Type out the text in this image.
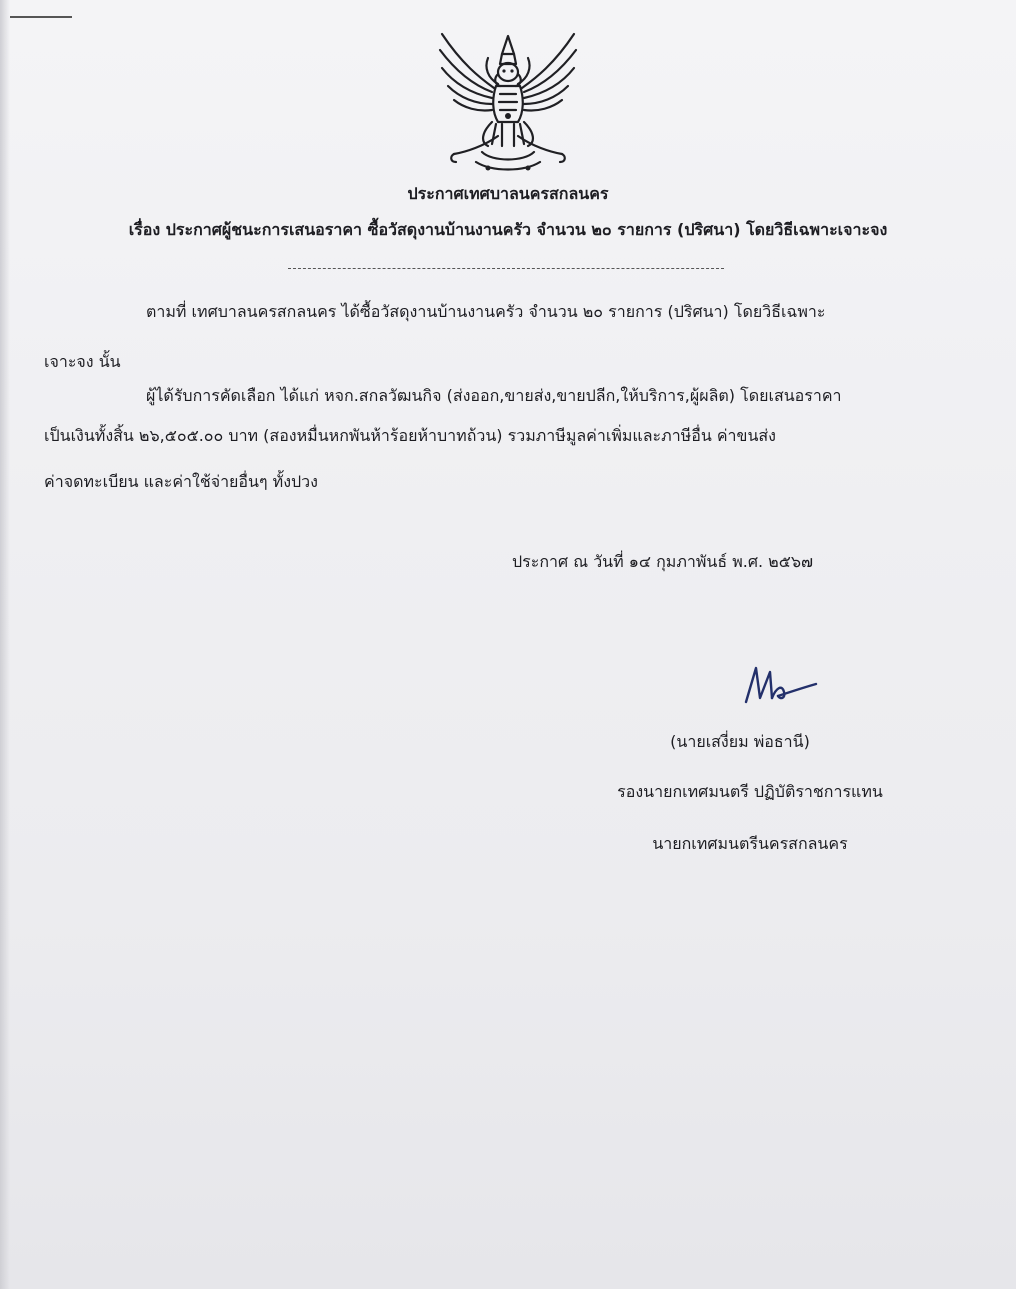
ประกาศเทศบาลนครสกลนคร
เรื่อง ประกาศผู้ชนะการเสนอราคา ซื้อวัสดุงานบ้านงานครัว จำนวน ๒๐ รายการ (ปริศนา) โดยวิธีเฉพาะเจาะจง
ตามที่ เทศบาลนครสกลนคร ได้ซื้อวัสดุงานบ้านงานครัว จำนวน ๒๐ รายการ (ปริศนา) โดยวิธีเฉพาะ
เจาะจง นั้น
ผู้ได้รับการคัดเลือก ได้แก่ หจก.สกลวัฒนกิจ (ส่งออก,ขายส่ง,ขายปลีก,ให้บริการ,ผู้ผลิต) โดยเสนอราคา
เป็นเงินทั้งสิ้น ๒๖,๕๐๕.๐๐ บาท (สองหมื่นหกพันห้าร้อยห้าบาทถ้วน) รวมภาษีมูลค่าเพิ่มและภาษีอื่น ค่าขนส่ง
ค่าจดทะเบียน และค่าใช้จ่ายอื่นๆ ทั้งปวง
ประกาศ ณ วันที่ ๑๔ กุมภาพันธ์ พ.ศ. ๒๕๖๗
(นายเสงี่ยม พ่อธานี)
รองนายกเทศมนตรี ปฏิบัติราชการแทน
นายกเทศมนตรีนครสกลนคร
